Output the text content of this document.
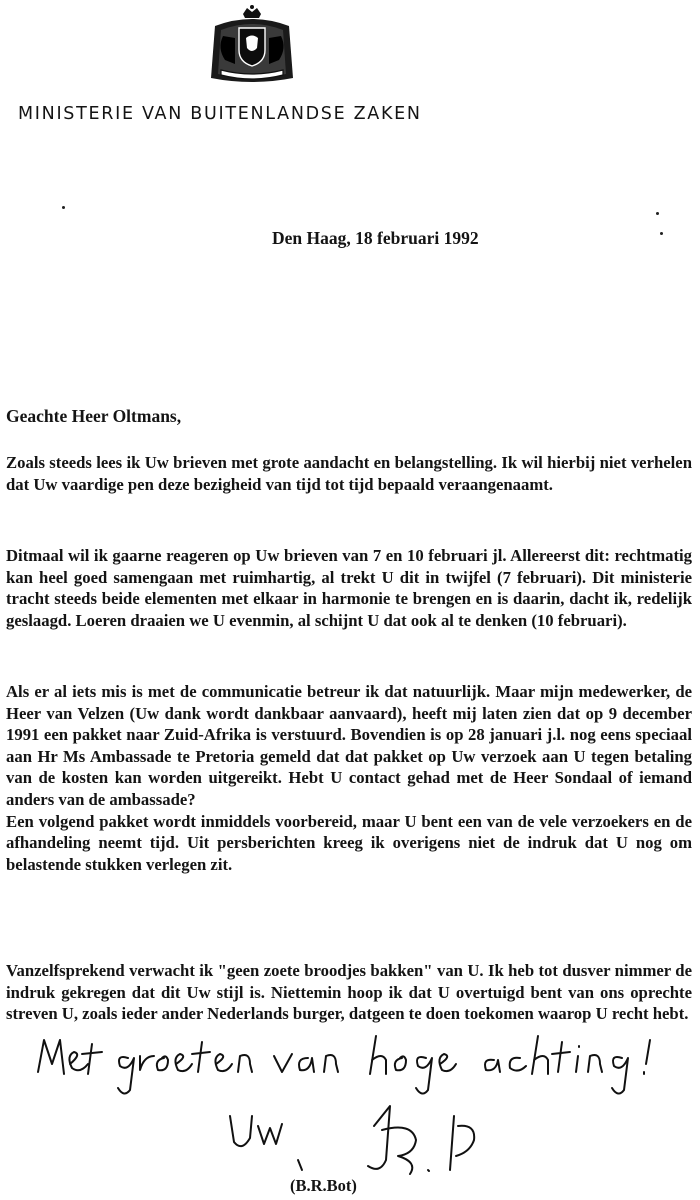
MINISTERIE VAN BUITENLANDSE ZAKEN
Den Haag, 18 februari 1992
Geachte Heer Oltmans,

Zoals steeds lees ik Uw brieven met grote aandacht en belangstelling. Ik wil hierbij niet verhelen dat Uw vaardige pen deze bezigheid van tijd tot tijd bepaald veraangenaamt.

Ditmaal wil ik gaarne reageren op Uw brieven van 7 en 10 februari jl. Allereerst dit: rechtmatig kan heel goed samengaan met ruimhartig, al trekt U dit in twijfel (7 februari). Dit ministerie tracht steeds beide elementen met elkaar in harmonie te brengen en is daarin, dacht ik, redelijk geslaagd. Loeren draaien we U evenmin, al schijnt U dat ook al te denken (10 februari).

Als er al iets mis is met de communicatie betreur ik dat natuurlijk. Maar mijn medewerker, de Heer van Velzen (Uw dank wordt dankbaar aanvaard), heeft mij laten zien dat op 9 december 1991 een pakket naar Zuid-Afrika is verstuurd. Bovendien is op 28 januari j.l. nog eens speciaal aan Hr Ms Ambassade te Pretoria gemeld dat dat pakket op Uw verzoek aan U tegen betaling van de kosten kan worden uitgereikt. Hebt U contact gehad met de Heer Sondaal of iemand anders van de ambassade?
Een volgend pakket wordt inmiddels voorbereid, maar U bent een van de vele verzoekers en de afhandeling neemt tijd. Uit persberichten kreeg ik overigens niet de indruk dat U nog om belastende stukken verlegen zit.

Vanzelfsprekend verwacht ik "geen zoete broodjes bakken" van U. Ik heb tot dusver nimmer de indruk gekregen dat dit Uw stijl is. Niettemin hoop ik dat U overtuigd bent van ons oprechte streven U, zoals ieder ander Nederlands burger, datgeen te doen toekomen waarop U recht hebt.

(B.R.Bot)
